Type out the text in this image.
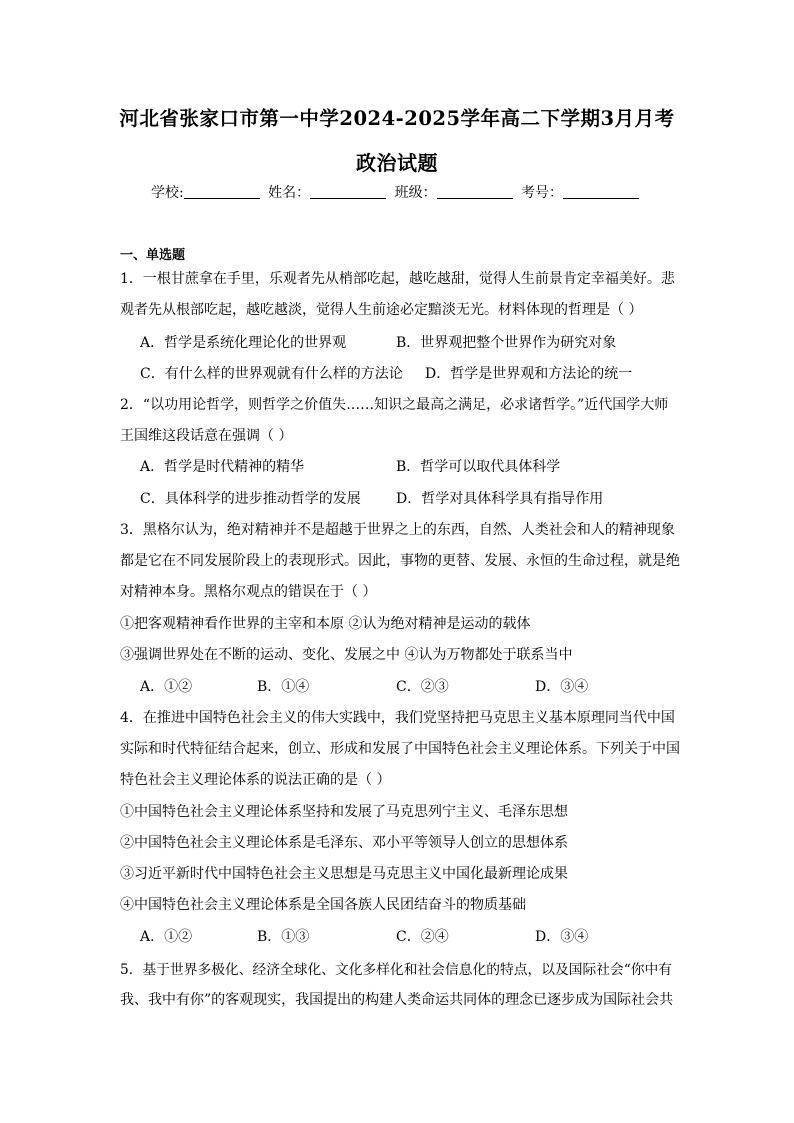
河北省张家口市第一中学2024-2025学年高二下学期3月月考
政治试题
学校:	姓名：	班级：	考号：
一、单选题
1．一根甘蔗拿在手里，乐观者先从梢部吃起，越吃越甜，觉得人生前景肯定幸福美好。悲
观者先从根部吃起，越吃越淡，觉得人生前途必定黯淡无光。材料体现的哲理是（ ）
A．哲学是系统化理论化的世界观	B．世界观把整个世界作为研究对象
C．有什么样的世界观就有什么样的方法论 D．哲学是世界观和方法论的统一
2．“以功用论哲学，则哲学之价值失……知识之最高之满足，必求诸哲学。”近代国学大师
王国维这段话意在强调（ ）
A．哲学是时代精神的精华	B．哲学可以取代具体科学
C．具体科学的进步推动哲学的发展	D．哲学对具体科学具有指导作用
3．黑格尔认为，绝对精神并不是超越于世界之上的东西，自然、人类社会和人的精神现象
都是它在不同发展阶段上的表现形式。因此，事物的更替、发展、永恒的生命过程，就是绝
对精神本身。黑格尔观点的错误在于（ ）
①把客观精神看作世界的主宰和本原 ②认为绝对精神是运动的载体
③强调世界处在不断的运动、变化、发展之中 ④认为万物都处于联系当中
A．①②	B．①④	C．②③	D．③④
4．在推进中国特色社会主义的伟大实践中，我们党坚持把马克思主义基本原理同当代中国
实际和时代特征结合起来，创立、形成和发展了中国特色社会主义理论体系。下列关于中国
特色社会主义理论体系的说法正确的是（ ）
①中国特色社会主义理论体系坚持和发展了马克思列宁主义、毛泽东思想
②中国特色社会主义理论体系是毛泽东、邓小平等领导人创立的思想体系
③习近平新时代中国特色社会主义思想是马克思主义中国化最新理论成果
④中国特色社会主义理论体系是全国各族人民团结奋斗的物质基础
A．①②	B．①③	C．②④	D．③④
5．基于世界多极化、经济全球化、文化多样化和社会信息化的特点，以及国际社会“你中有
我、我中有你”的客观现实，我国提出的构建人类命运共同体的理念已逐步成为国际社会共
